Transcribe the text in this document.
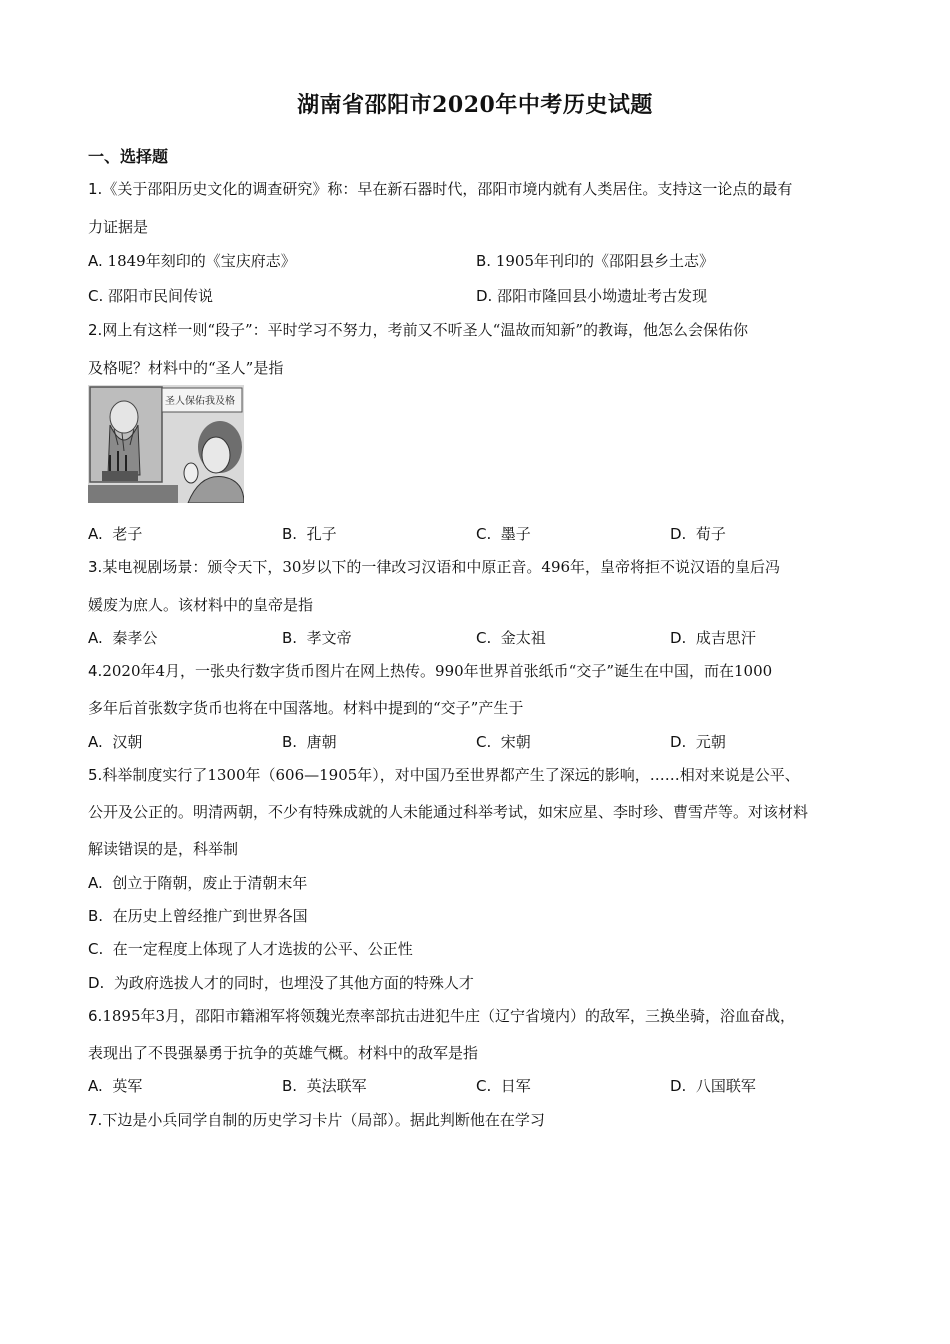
湖南省邵阳市2020年中考历史试题
一、选择题
1.《关于邵阳历史文化的调查研究》称：早在新石器时代，邵阳市境内就有人类居住。支持这一论点的最有
力证据是
A. 1849年刻印的《宝庆府志》	B. 1905年刊印的《邵阳县乡土志》
C. 邵阳市民间传说	D. 邵阳市隆回县小坳遗址考古发现
2.网上有这样一则“段子”：平时学习不努力，考前又不听圣人“温故而知新”的教诲，他怎么会保佑你
及格呢？材料中的“圣人”是指
圣人保佑我及格
A. 老子	B. 孔子	C. 墨子	D. 荀子
3.某电视剧场景：颁令天下，30岁以下的一律改习汉语和中原正音。496年，皇帝将拒不说汉语的皇后冯
媛废为庶人。该材料中的皇帝是指
A. 秦孝公	B. 孝文帝	C. 金太祖	D. 成吉思汗
4.2020年4月，一张央行数字货币图片在网上热传。990年世界首张纸币“交子”诞生在中国，而在1000
多年后首张数字货币也将在中国落地。材料中提到的“交子”产生于
A. 汉朝	B. 唐朝	C. 宋朝	D. 元朝
5.科举制度实行了1300年（606—1905年），对中国乃至世界都产生了深远的影响，……相对来说是公平、
公开及公正的。明清两朝，不少有特殊成就的人未能通过科举考试，如宋应星、李时珍、曹雪芹等。对该材料
解读错误的是，科举制
A. 创立于隋朝，废止于清朝末年
B. 在历史上曾经推广到世界各国
C. 在一定程度上体现了人才选拔的公平、公正性
D. 为政府选拔人才的同时，也埋没了其他方面的特殊人才
6.1895年3月，邵阳市籍湘军将领魏光焘率部抗击进犯牛庄（辽宁省境内）的敌军，三换坐骑，浴血奋战，
表现出了不畏强暴勇于抗争的英雄气概。材料中的敌军是指
A. 英军	B. 英法联军	C. 日军	D. 八国联军
7.下边是小兵同学自制的历史学习卡片（局部）。据此判断他在在学习
